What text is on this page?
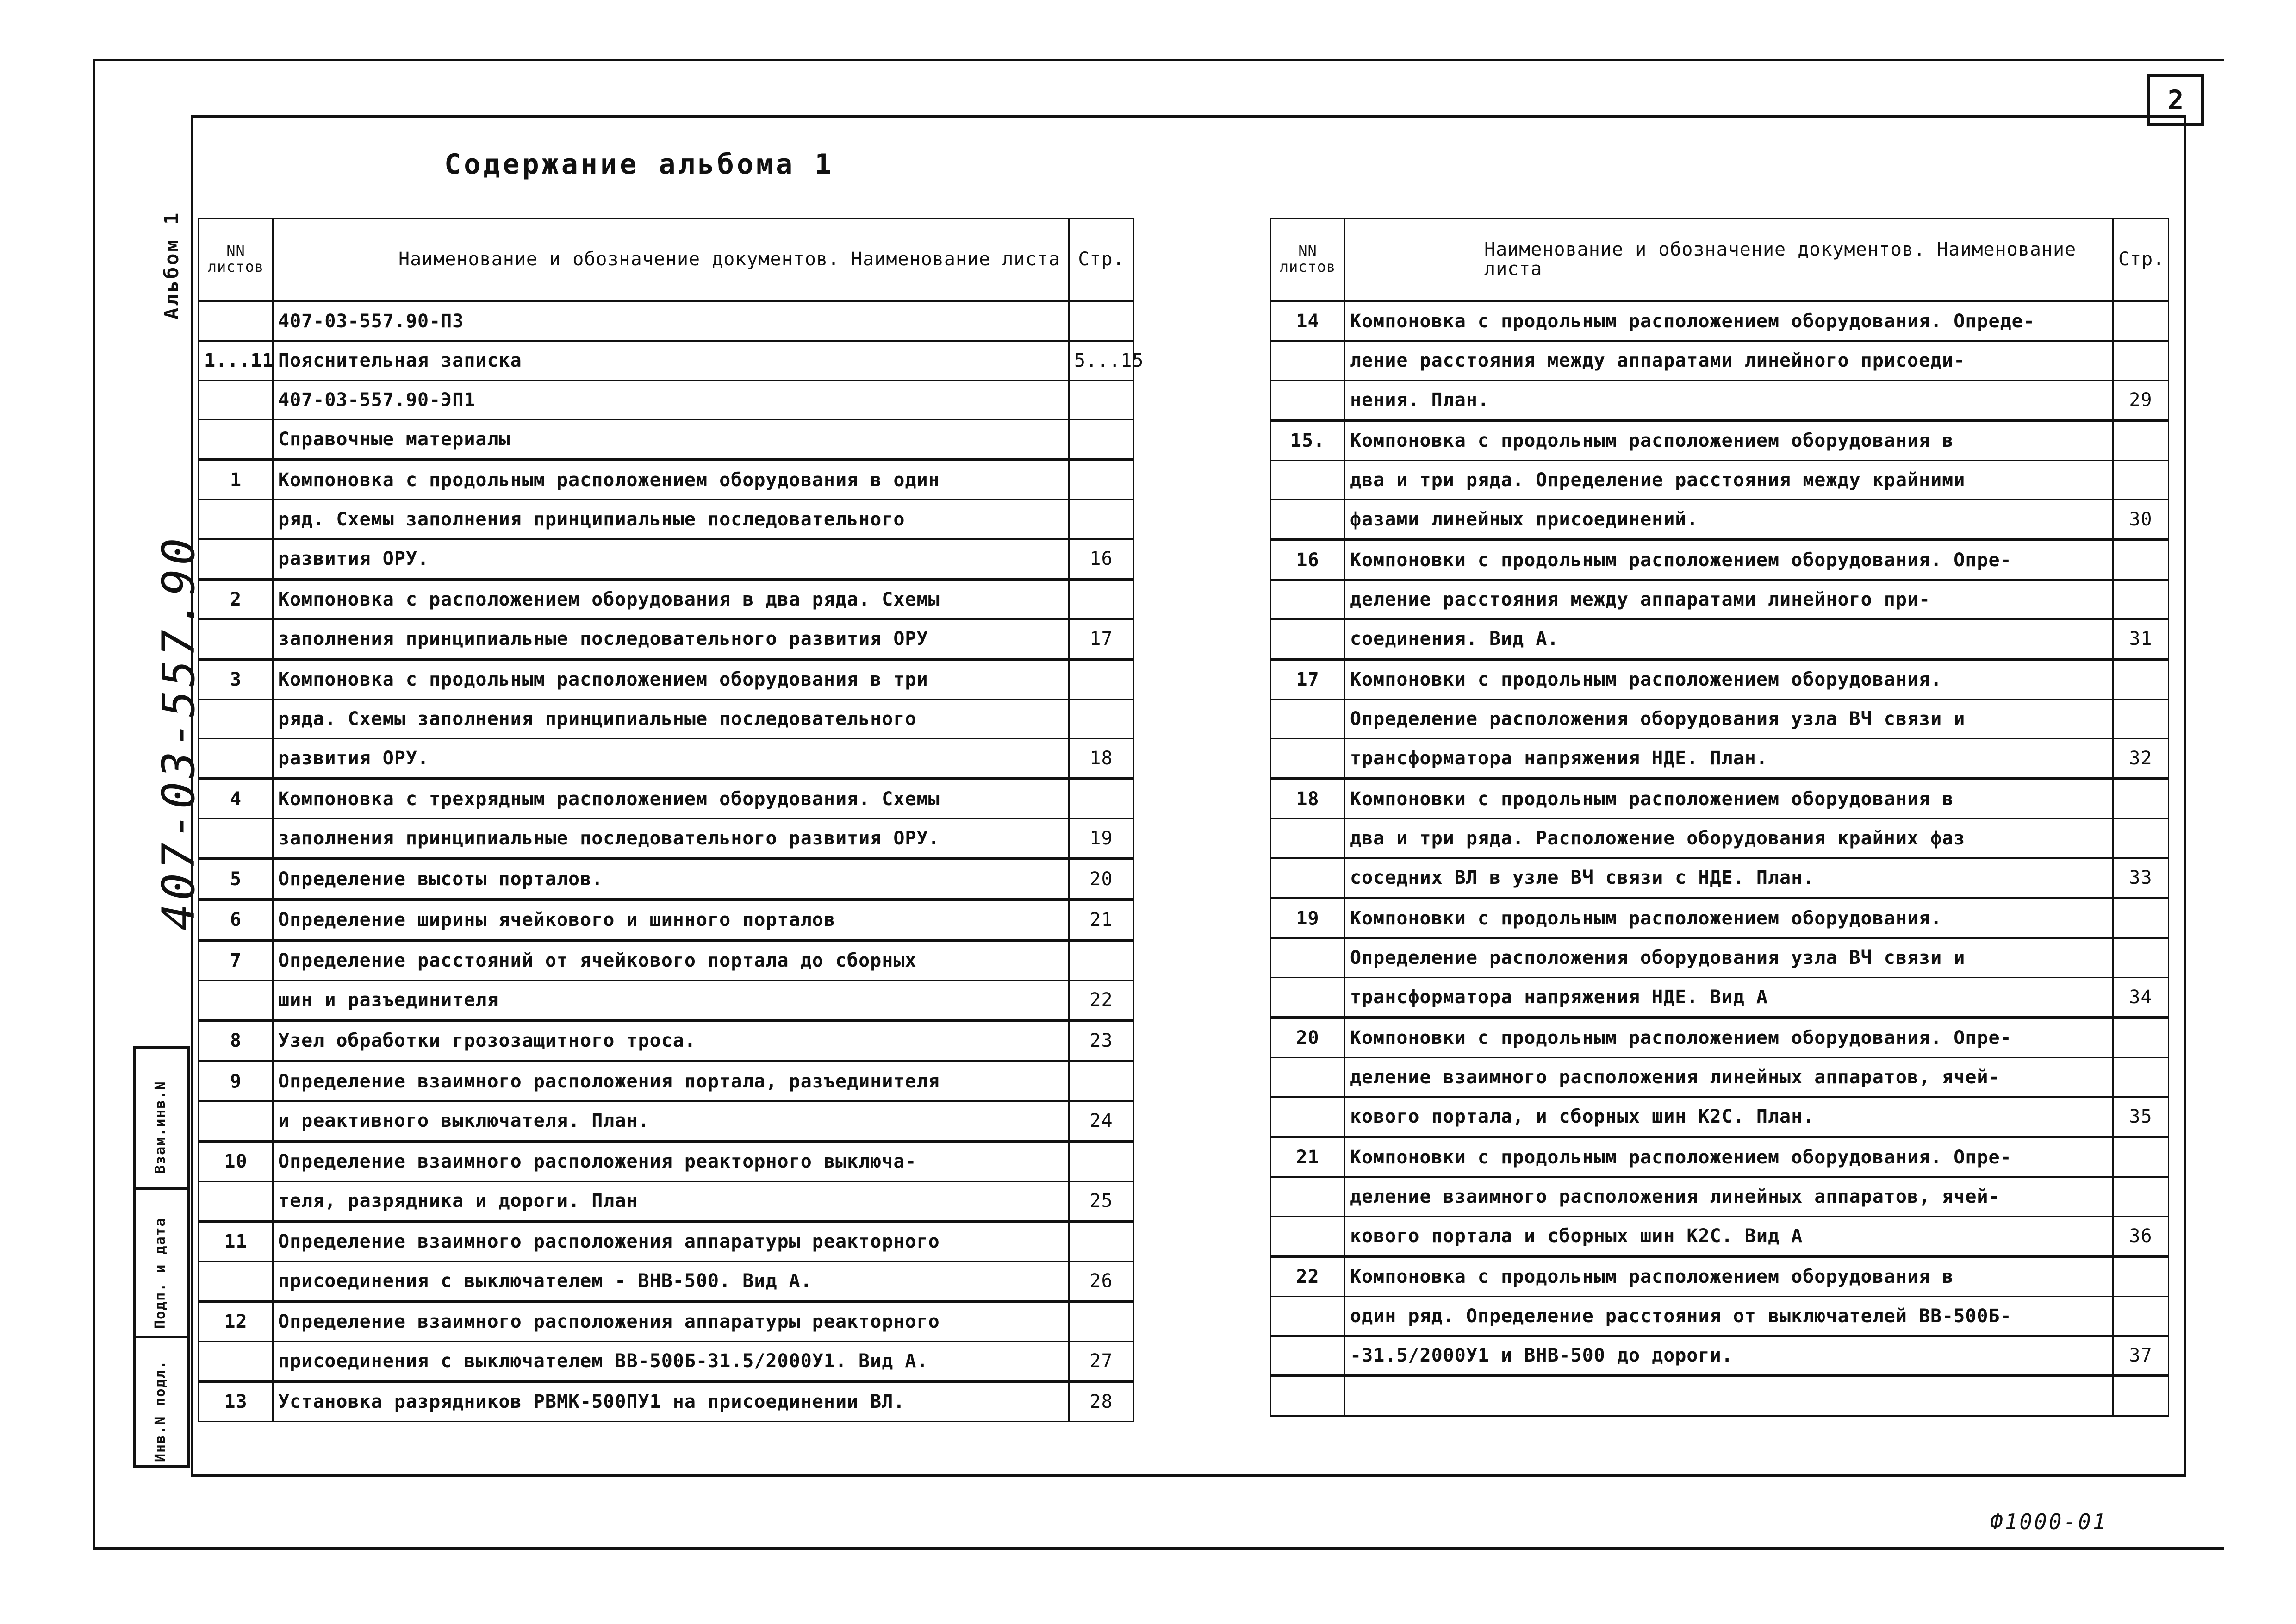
2
Содержание альбома 1
Альбом 1
407-03-557.90
Инв.N подл.
Подп. и дата
Взам.инв.N
NN листов	Наименование и обозначение документов. Наименование листа	Стр.
	407-03-557.90-ПЗ	
1...11	Пояснительная записка	5...15
	407-03-557.90-ЭП1	
	Справочные материалы	
1	Компоновка с продольным расположением оборудования в один	
	ряд. Схемы заполнения принципиальные последовательного	
	развития ОРУ.	16
2	Компоновка с расположением оборудования в два ряда. Схемы	
	заполнения принципиальные последовательного развития ОРУ	17
3	Компоновка с продольным расположением оборудования в три	
	ряда. Схемы заполнения принципиальные последовательного	
	развития ОРУ.	18
4	Компоновка с трехрядным расположением оборудования. Схемы	
	заполнения принципиальные последовательного развития ОРУ.	19
5	Определение высоты порталов.	20
6	Определение ширины ячейкового и шинного порталов	21
7	Определение расстояний от ячейкового портала до сборных	
	шин и разъединителя	22
8	Узел обработки грозозащитного троса.	23
9	Определение взаимного расположения портала, разъединителя	
	и реактивного выключателя. План.	24
10	Определение взаимного расположения реакторного выключа-	
	теля, разрядника и дороги. План	25
11	Определение взаимного расположения аппаратуры реакторного	
	присоединения с выключателем - ВНВ-500. Вид А.	26
12	Определение взаимного расположения аппаратуры реакторного	
	присоединения с выключателем ВВ-500Б-31.5/2000У1. Вид А.	27
13	Установка разрядников РВМК-500ПУ1 на присоединении ВЛ.	28
NN листов	Наименование и обозначение документов. Наименование листа	Стр.
14	Компоновка с продольным расположением оборудования. Опреде-	
	ление расстояния между аппаратами линейного присоеди-	
	нения. План.	29
15.	Компоновка с продольным расположением оборудования в	
	два и три ряда. Определение расстояния между крайними	
	фазами линейных присоединений.	30
16	Компоновки с продольным расположением оборудования. Опре-	
	деление расстояния между аппаратами линейного при-	
	соединения. Вид А.	31
17	Компоновки с продольным расположением оборудования.	
	Определение расположения оборудования узла ВЧ связи и	
	трансформатора напряжения НДЕ. План.	32
18	Компоновки с продольным расположением оборудования в	
	два и три ряда. Расположение оборудования крайних фаз	
	соседних ВЛ в узле ВЧ связи с НДЕ. План.	33
19	Компоновки с продольным расположением оборудования.	
	Определение расположения оборудования узла ВЧ связи и	
	трансформатора напряжения НДЕ. Вид А	34
20	Компоновки с продольным расположением оборудования. Опре-	
	деление взаимного расположения линейных аппаратов, ячей-	
	кового портала, и сборных шин К2С. План.	35
21	Компоновки с продольным расположением оборудования. Опре-	
	деление взаимного расположения линейных аппаратов, ячей-	
	кового портала и сборных шин К2С. Вид А	36
22	Компоновка с продольным расположением оборудования в	
	один ряд. Определение расстояния от выключателей ВВ-500Б-	
	-31.5/2000У1 и ВНВ-500 до дороги.	37

Ф1000-01
